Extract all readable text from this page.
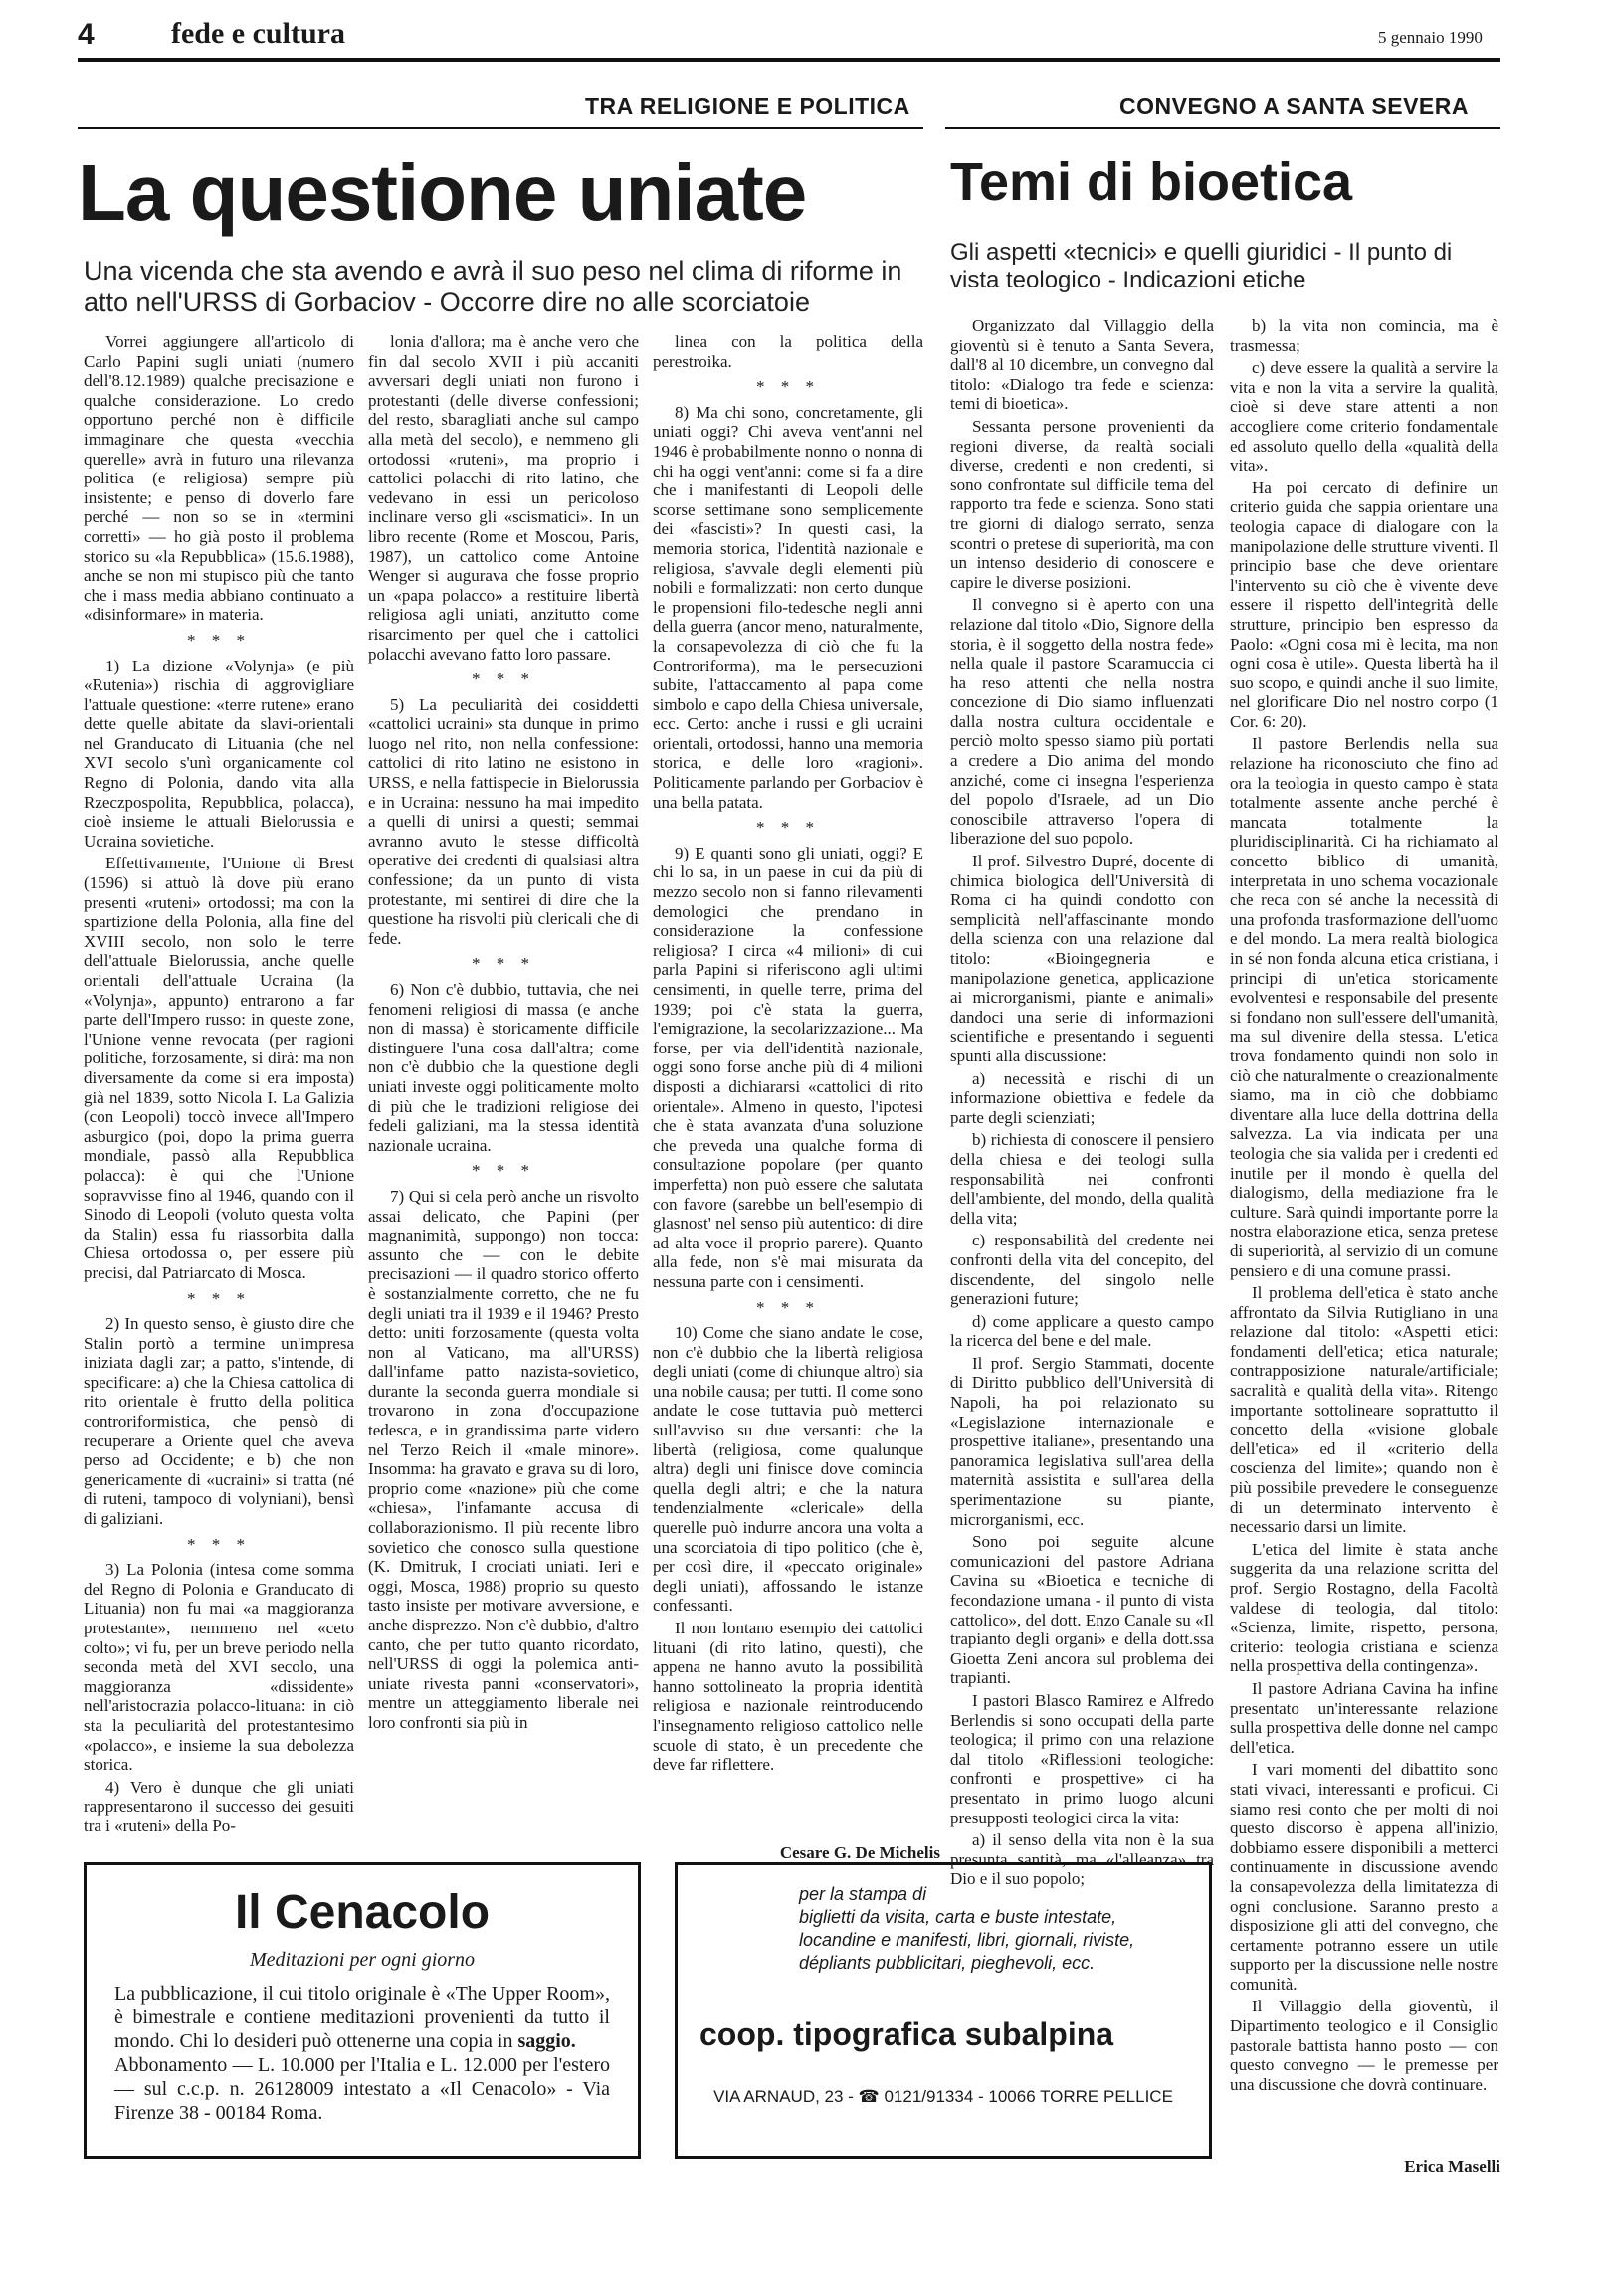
4	fede e cultura	5 gennaio 1990
TRA RELIGIONE E POLITICA
La questione uniate
Una vicenda che sta avendo e avrà il suo peso nel clima di riforme in atto nell'URSS di Gorbaciov - Occorre dire no alle scorciatoie

Vorrei aggiungere all'articolo di Carlo Papini sugli uniati (numero dell'8.12.1989) qualche precisazione e qualche considerazione. Lo credo opportuno perché non è difficile immaginare che questa «vecchia querelle» avrà in futuro una rilevanza politica (e religiosa) sempre più insistente; e penso di doverlo fare perché — non so se in «termini corretti» — ho già posto il problema storico su «la Repubblica» (15.6.1988), anche se non mi stupisco più che tanto che i mass media abbiano continuato a «disinformare» in materia.

* * *

1) La dizione «Volynja» (e più «Rutenia») rischia di aggrovigliare l'attuale questione: «terre rutene» erano dette quelle abitate da slavi-orientali nel Granducato di Lituania (che nel XVI secolo s'unì organicamente col Regno di Polonia, dando vita alla Rzeczpospolita, Repubblica, polacca), cioè insieme le attuali Bielorussia e Ucraina sovietiche.

Effettivamente, l'Unione di Brest (1596) si attuò là dove più erano presenti «ruteni» ortodossi; ma con la spartizione della Polonia, alla fine del XVIII secolo, non solo le terre dell'attuale Bielorussia, anche quelle orientali dell'attuale Ucraina (la «Volynja», appunto) entrarono a far parte dell'Impero russo: in queste zone, l'Unione venne revocata (per ragioni politiche, forzosamente, si dirà: ma non diversamente da come si era imposta) già nel 1839, sotto Nicola I. La Galizia (con Leopoli) toccò invece all'Impero asburgico (poi, dopo la prima guerra mondiale, passò alla Repubblica polacca): è qui che l'Unione sopravvisse fino al 1946, quando con il Sinodo di Leopoli (voluto questa volta da Stalin) essa fu riassorbita dalla Chiesa ortodossa o, per essere più precisi, dal Patriarcato di Mosca.

* * *

2) In questo senso, è giusto dire che Stalin portò a termine un'impresa iniziata dagli zar; a patto, s'intende, di specificare: a) che la Chiesa cattolica di rito orientale è frutto della politica controriformistica, che pensò di recuperare a Oriente quel che aveva perso ad Occidente; e b) che non genericamente di «ucraini» si tratta (né di ruteni, tampoco di volyniani), bensì di galiziani.

* * *

3) La Polonia (intesa come somma del Regno di Polonia e Granducato di Lituania) non fu mai «a maggioranza protestante», nemmeno nel «ceto colto»; vi fu, per un breve periodo nella seconda metà del XVI secolo, una maggioranza «dissidente» nell'aristocrazia polacco-lituana: in ciò sta la peculiarità del protestantesimo «polacco», e insieme la sua debolezza storica.

4) Vero è dunque che gli uniati rappresentarono il successo dei gesuiti tra i «ruteni» della Po-

lonia d'allora; ma è anche vero che fin dal secolo XVII i più accaniti avversari degli uniati non furono i protestanti (delle diverse confessioni; del resto, sbaragliati anche sul campo alla metà del secolo), e nemmeno gli ortodossi «ruteni», ma proprio i cattolici polacchi di rito latino, che vedevano in essi un pericoloso inclinare verso gli «scismatici». In un libro recente (Rome et Moscou, Paris, 1987), un cattolico come Antoine Wenger si augurava che fosse proprio un «papa polacco» a restituire libertà religiosa agli uniati, anzitutto come risarcimento per quel che i cattolici polacchi avevano fatto loro passare.

* * *

5) La peculiarità dei cosiddetti «cattolici ucraini» sta dunque in primo luogo nel rito, non nella confessione: cattolici di rito latino ne esistono in URSS, e nella fattispecie in Bielorussia e in Ucraina: nessuno ha mai impedito a quelli di unirsi a questi; semmai avranno avuto le stesse difficoltà operative dei credenti di qualsiasi altra confessione; da un punto di vista protestante, mi sentirei di dire che la questione ha risvolti più clericali che di fede.

* * *

6) Non c'è dubbio, tuttavia, che nei fenomeni religiosi di massa (e anche non di massa) è storicamente difficile distinguere l'una cosa dall'altra; come non c'è dubbio che la questione degli uniati investe oggi politicamente molto di più che le tradizioni religiose dei fedeli galiziani, ma la stessa identità nazionale ucraina.

* * *

7) Qui si cela però anche un risvolto assai delicato, che Papini (per magnanimità, suppongo) non tocca: assunto che — con le debite precisazioni — il quadro storico offerto è sostanzialmente corretto, che ne fu degli uniati tra il 1939 e il 1946? Presto detto: uniti forzosamente (questa volta non al Vaticano, ma all'URSS) dall'infame patto nazista-sovietico, durante la seconda guerra mondiale si trovarono in zona d'occupazione tedesca, e in grandissima parte videro nel Terzo Reich il «male minore». Insomma: ha gravato e grava su di loro, proprio come «nazione» più che come «chiesa», l'infamante accusa di collaborazionismo. Il più recente libro sovietico che conosco sulla questione (K. Dmitruk, I crociati uniati. Ieri e oggi, Mosca, 1988) proprio su questo tasto insiste per motivare avversione, e anche disprezzo. Non c'è dubbio, d'altro canto, che per tutto quanto ricordato, nell'URSS di oggi la polemica anti-uniate rivesta panni «conservatori», mentre un atteggiamento liberale nei loro confronti sia più in

linea con la politica della perestroika.

* * *

8) Ma chi sono, concretamente, gli uniati oggi? Chi aveva vent'anni nel 1946 è probabilmente nonno o nonna di chi ha oggi vent'anni: come si fa a dire che i manifestanti di Leopoli delle scorse settimane sono semplicemente dei «fascisti»? In questi casi, la memoria storica, l'identità nazionale e religiosa, s'avvale degli elementi più nobili e formalizzati: non certo dunque le propensioni filo-tedesche negli anni della guerra (ancor meno, naturalmente, la consapevolezza di ciò che fu la Controriforma), ma le persecuzioni subite, l'attaccamento al papa come simbolo e capo della Chiesa universale, ecc. Certo: anche i russi e gli ucraini orientali, ortodossi, hanno una memoria storica, e delle loro «ragioni». Politicamente parlando per Gorbaciov è una bella patata.

* * *

9) E quanti sono gli uniati, oggi? E chi lo sa, in un paese in cui da più di mezzo secolo non si fanno rilevamenti demologici che prendano in considerazione la confessione religiosa? I circa «4 milioni» di cui parla Papini si riferiscono agli ultimi censimenti, in quelle terre, prima del 1939; poi c'è stata la guerra, l'emigrazione, la secolarizzazione... Ma forse, per via dell'identità nazionale, oggi sono forse anche più di 4 milioni disposti a dichiararsi «cattolici di rito orientale». Almeno in questo, l'ipotesi che è stata avanzata d'una soluzione che preveda una qualche forma di consultazione popolare (per quanto imperfetta) non può essere che salutata con favore (sarebbe un bell'esempio di glasnost' nel senso più autentico: di dire ad alta voce il proprio parere). Quanto alla fede, non s'è mai misurata da nessuna parte con i censimenti.

* * *

10) Come che siano andate le cose, non c'è dubbio che la libertà religiosa degli uniati (come di chiunque altro) sia una nobile causa; per tutti. Il come sono andate le cose tuttavia può metterci sull'avviso su due versanti: che la libertà (religiosa, come qualunque altra) degli uni finisce dove comincia quella degli altri; e che la natura tendenzialmente «clericale» della querelle può indurre ancora una volta a una scorciatoia di tipo politico (che è, per così dire, il «peccato originale» degli uniati), affossando le istanze confessanti.

Il non lontano esempio dei cattolici lituani (di rito latino, questi), che appena ne hanno avuto la possibilità hanno sottolineato la propria identità religiosa e nazionale reintroducendo l'insegnamento religioso cattolico nelle scuole di stato, è un precedente che deve far riflettere.

Cesare G. De Michelis
CONVEGNO A SANTA SEVERA
Temi di bioetica
Gli aspetti «tecnici» e quelli giuridici - Il punto di vista teologico - Indicazioni etiche

Organizzato dal Villaggio della gioventù si è tenuto a Santa Severa, dall'8 al 10 dicembre, un convegno dal titolo: «Dialogo tra fede e scienza: temi di bioetica».

Sessanta persone provenienti da regioni diverse, da realtà sociali diverse, credenti e non credenti, si sono confrontate sul difficile tema del rapporto tra fede e scienza. Sono stati tre giorni di dialogo serrato, senza scontri o pretese di superiorità, ma con un intenso desiderio di conoscere e capire le diverse posizioni.

Il convegno si è aperto con una relazione dal titolo «Dio, Signore della storia, è il soggetto della nostra fede» nella quale il pastore Scaramuccia ci ha reso attenti che nella nostra concezione di Dio siamo influenzati dalla nostra cultura occidentale e perciò molto spesso siamo più portati a credere a Dio anima del mondo anziché, come ci insegna l'esperienza del popolo d'Israele, ad un Dio conoscibile attraverso l'opera di liberazione del suo popolo.

Il prof. Silvestro Dupré, docente di chimica biologica dell'Università di Roma ci ha quindi condotto con semplicità nell'affascinante mondo della scienza con una relazione dal titolo: «Bioingegneria e manipolazione genetica, applicazione ai microrganismi, piante e animali» dandoci una serie di informazioni scientifiche e presentando i seguenti spunti alla discussione:

a) necessità e rischi di un informazione obiettiva e fedele da parte degli scienziati;

b) richiesta di conoscere il pensiero della chiesa e dei teologi sulla responsabilità nei confronti dell'ambiente, del mondo, della qualità della vita;

c) responsabilità del credente nei confronti della vita del concepito, del discendente, del singolo nelle generazioni future;

d) come applicare a questo campo la ricerca del bene e del male.

Il prof. Sergio Stammati, docente di Diritto pubblico dell'Università di Napoli, ha poi relazionato su «Legislazione internazionale e prospettive italiane», presentando una panoramica legislativa sull'area della maternità assistita e sull'area della sperimentazione su piante, microrganismi, ecc.

Sono poi seguite alcune comunicazioni del pastore Adriana Cavina su «Bioetica e tecniche di fecondazione umana - il punto di vista cattolico», del dott. Enzo Canale su «Il trapianto degli organi» e della dott.ssa Gioetta Zeni ancora sul problema dei trapianti.

I pastori Blasco Ramirez e Alfredo Berlendis si sono occupati della parte teologica; il primo con una relazione dal titolo «Riflessioni teologiche: confronti e prospettive» ci ha presentato in primo luogo alcuni presupposti teologici circa la vita:

a) il senso della vita non è la sua presunta santità, ma «l'alleanza» tra Dio e il suo popolo;

b) la vita non comincia, ma è trasmessa;

c) deve essere la qualità a servire la vita e non la vita a servire la qualità, cioè si deve stare attenti a non accogliere come criterio fondamentale ed assoluto quello della «qualità della vita».

Ha poi cercato di definire un criterio guida che sappia orientare una teologia capace di dialogare con la manipolazione delle strutture viventi. Il principio base che deve orientare l'intervento su ciò che è vivente deve essere il rispetto dell'integrità delle strutture, principio ben espresso da Paolo: «Ogni cosa mi è lecita, ma non ogni cosa è utile». Questa libertà ha il suo scopo, e quindi anche il suo limite, nel glorificare Dio nel nostro corpo (1 Cor. 6: 20).

Il pastore Berlendis nella sua relazione ha riconosciuto che fino ad ora la teologia in questo campo è stata totalmente assente anche perché è mancata totalmente la pluridisciplinarità. Ci ha richiamato al concetto biblico di umanità, interpretata in uno schema vocazionale che reca con sé anche la necessità di una profonda trasformazione dell'uomo e del mondo. La mera realtà biologica in sé non fonda alcuna etica cristiana, i principi di un'etica storicamente evolventesi e responsabile del presente si fondano non sull'essere dell'umanità, ma sul divenire della stessa. L'etica trova fondamento quindi non solo in ciò che naturalmente o creazionalmente siamo, ma in ciò che dobbiamo diventare alla luce della dottrina della salvezza. La via indicata per una teologia che sia valida per i credenti ed inutile per il mondo è quella del dialogismo, della mediazione fra le culture. Sarà quindi importante porre la nostra elaborazione etica, senza pretese di superiorità, al servizio di un comune pensiero e di una comune prassi.

Il problema dell'etica è stato anche affrontato da Silvia Rutigliano in una relazione dal titolo: «Aspetti etici: fondamenti dell'etica; etica naturale; contrapposizione naturale/artificiale; sacralità e qualità della vita». Ritengo importante sottolineare soprattutto il concetto della «visione globale dell'etica» ed il «criterio della coscienza del limite»; quando non è più possibile prevedere le conseguenze di un determinato intervento è necessario darsi un limite.

L'etica del limite è stata anche suggerita da una relazione scritta del prof. Sergio Rostagno, della Facoltà valdese di teologia, dal titolo: «Scienza, limite, rispetto, persona, criterio: teologia cristiana e scienza nella prospettiva della contingenza».

Il pastore Adriana Cavina ha infine presentato un'interessante relazione sulla prospettiva delle donne nel campo dell'etica.

I vari momenti del dibattito sono stati vivaci, interessanti e proficui. Ci siamo resi conto che per molti di noi questo discorso è appena all'inizio, dobbiamo essere disponibili a metterci continuamente in discussione avendo la consapevolezza della limitatezza di ogni conclusione. Saranno presto a disposizione gli atti del convegno, che certamente potranno essere un utile supporto per la discussione nelle nostre comunità.

Il Villaggio della gioventù, il Dipartimento teologico e il Consiglio pastorale battista hanno posto — con questo convegno — le premesse per una discussione che dovrà continuare.

Erica Maselli
Il Cenacolo
Meditazioni per ogni giorno
La pubblicazione, il cui titolo originale è «The Upper Room», è bimestrale e contiene meditazioni provenienti da tutto il mondo. Chi lo desideri può ottenerne una copia in saggio.
Abbonamento — L. 10.000 per l'Italia e L. 12.000 per l'estero — sul c.c.p. n. 26128009 intestato a «Il Cenacolo» - Via Firenze 38 - 00184 Roma.
per la stampa di
biglietti da visita, carta e buste intestate,
locandine e manifesti, libri, giornali, riviste,
dépliants pubblicitari, pieghevoli, ecc.
coop. tipografica subalpina
VIA ARNAUD, 23 - ☎ 0121/91334 - 10066 TORRE PELLICE
